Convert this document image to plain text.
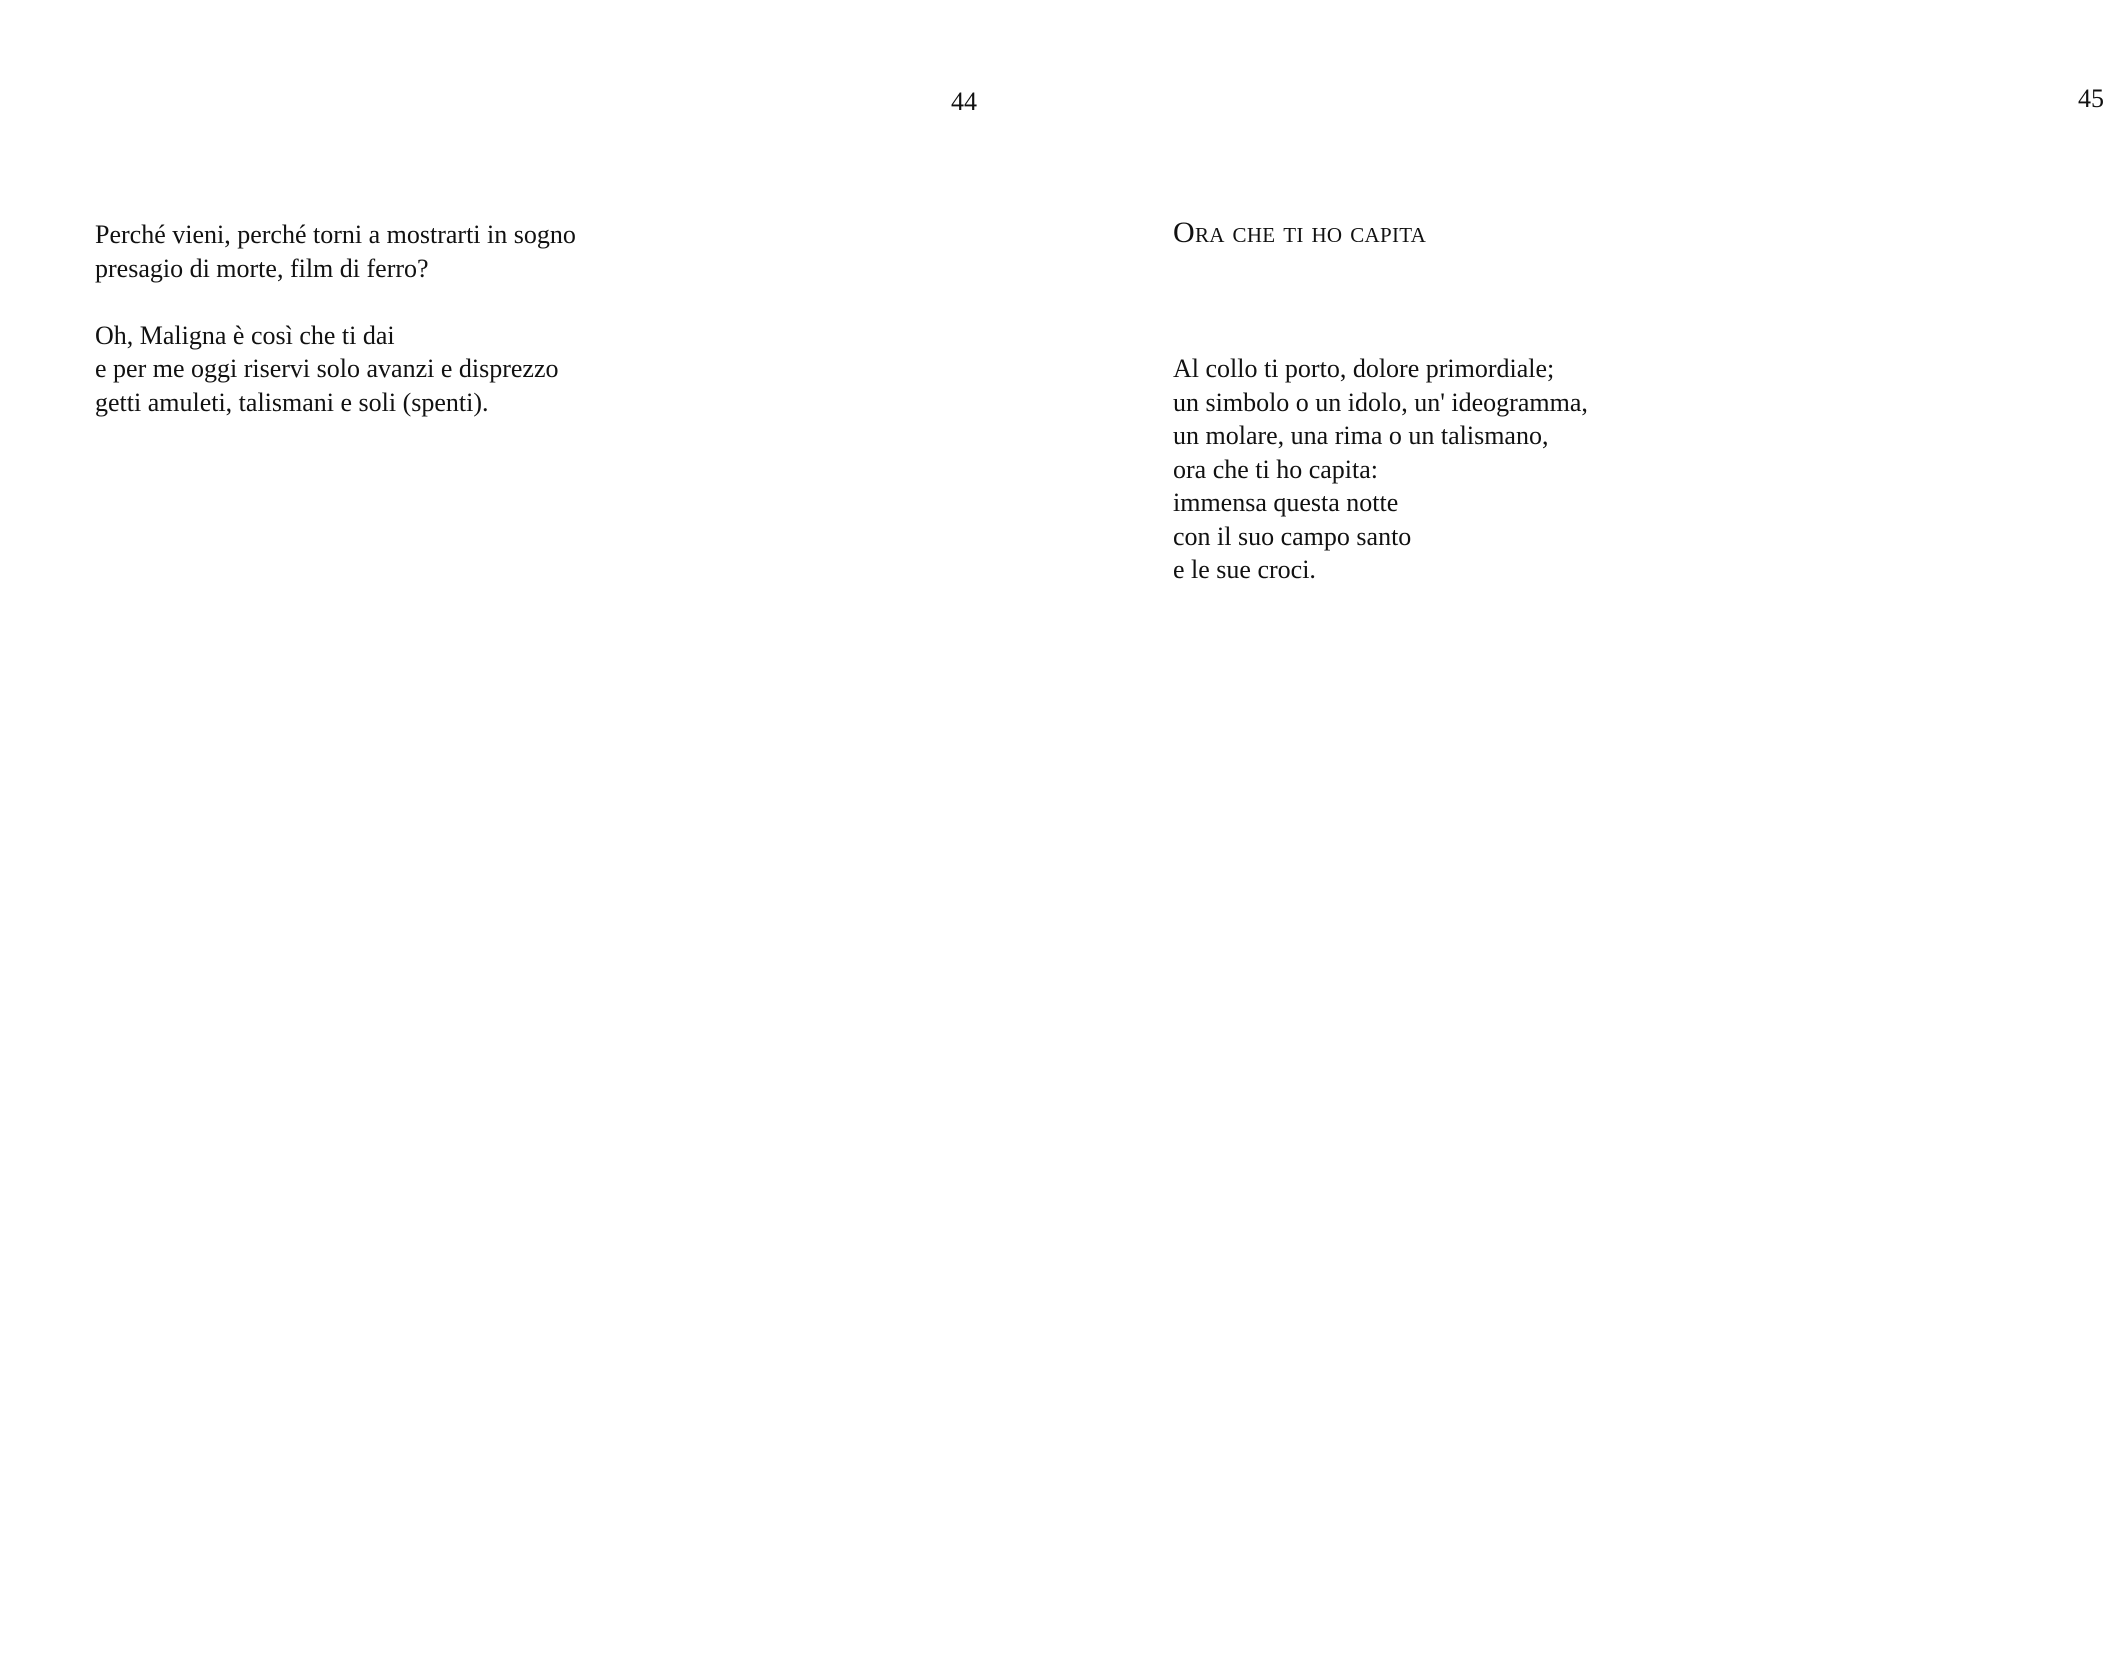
44

Perché vieni, perché torni a mostrarti in sogno
presagio di morte, film di ferro?

Oh, Maligna è così che ti dai
e per me oggi riservi solo avanzi e disprezzo
getti amuleti, talismani e soli (spenti).

45
Ora che ti ho capita

Al collo ti porto, dolore primordiale;
un simbolo o un idolo, un' ideogramma,
un molare, una rima o un talismano,
ora che ti ho capita:
immensa questa notte
con il suo campo santo
e le sue croci.
